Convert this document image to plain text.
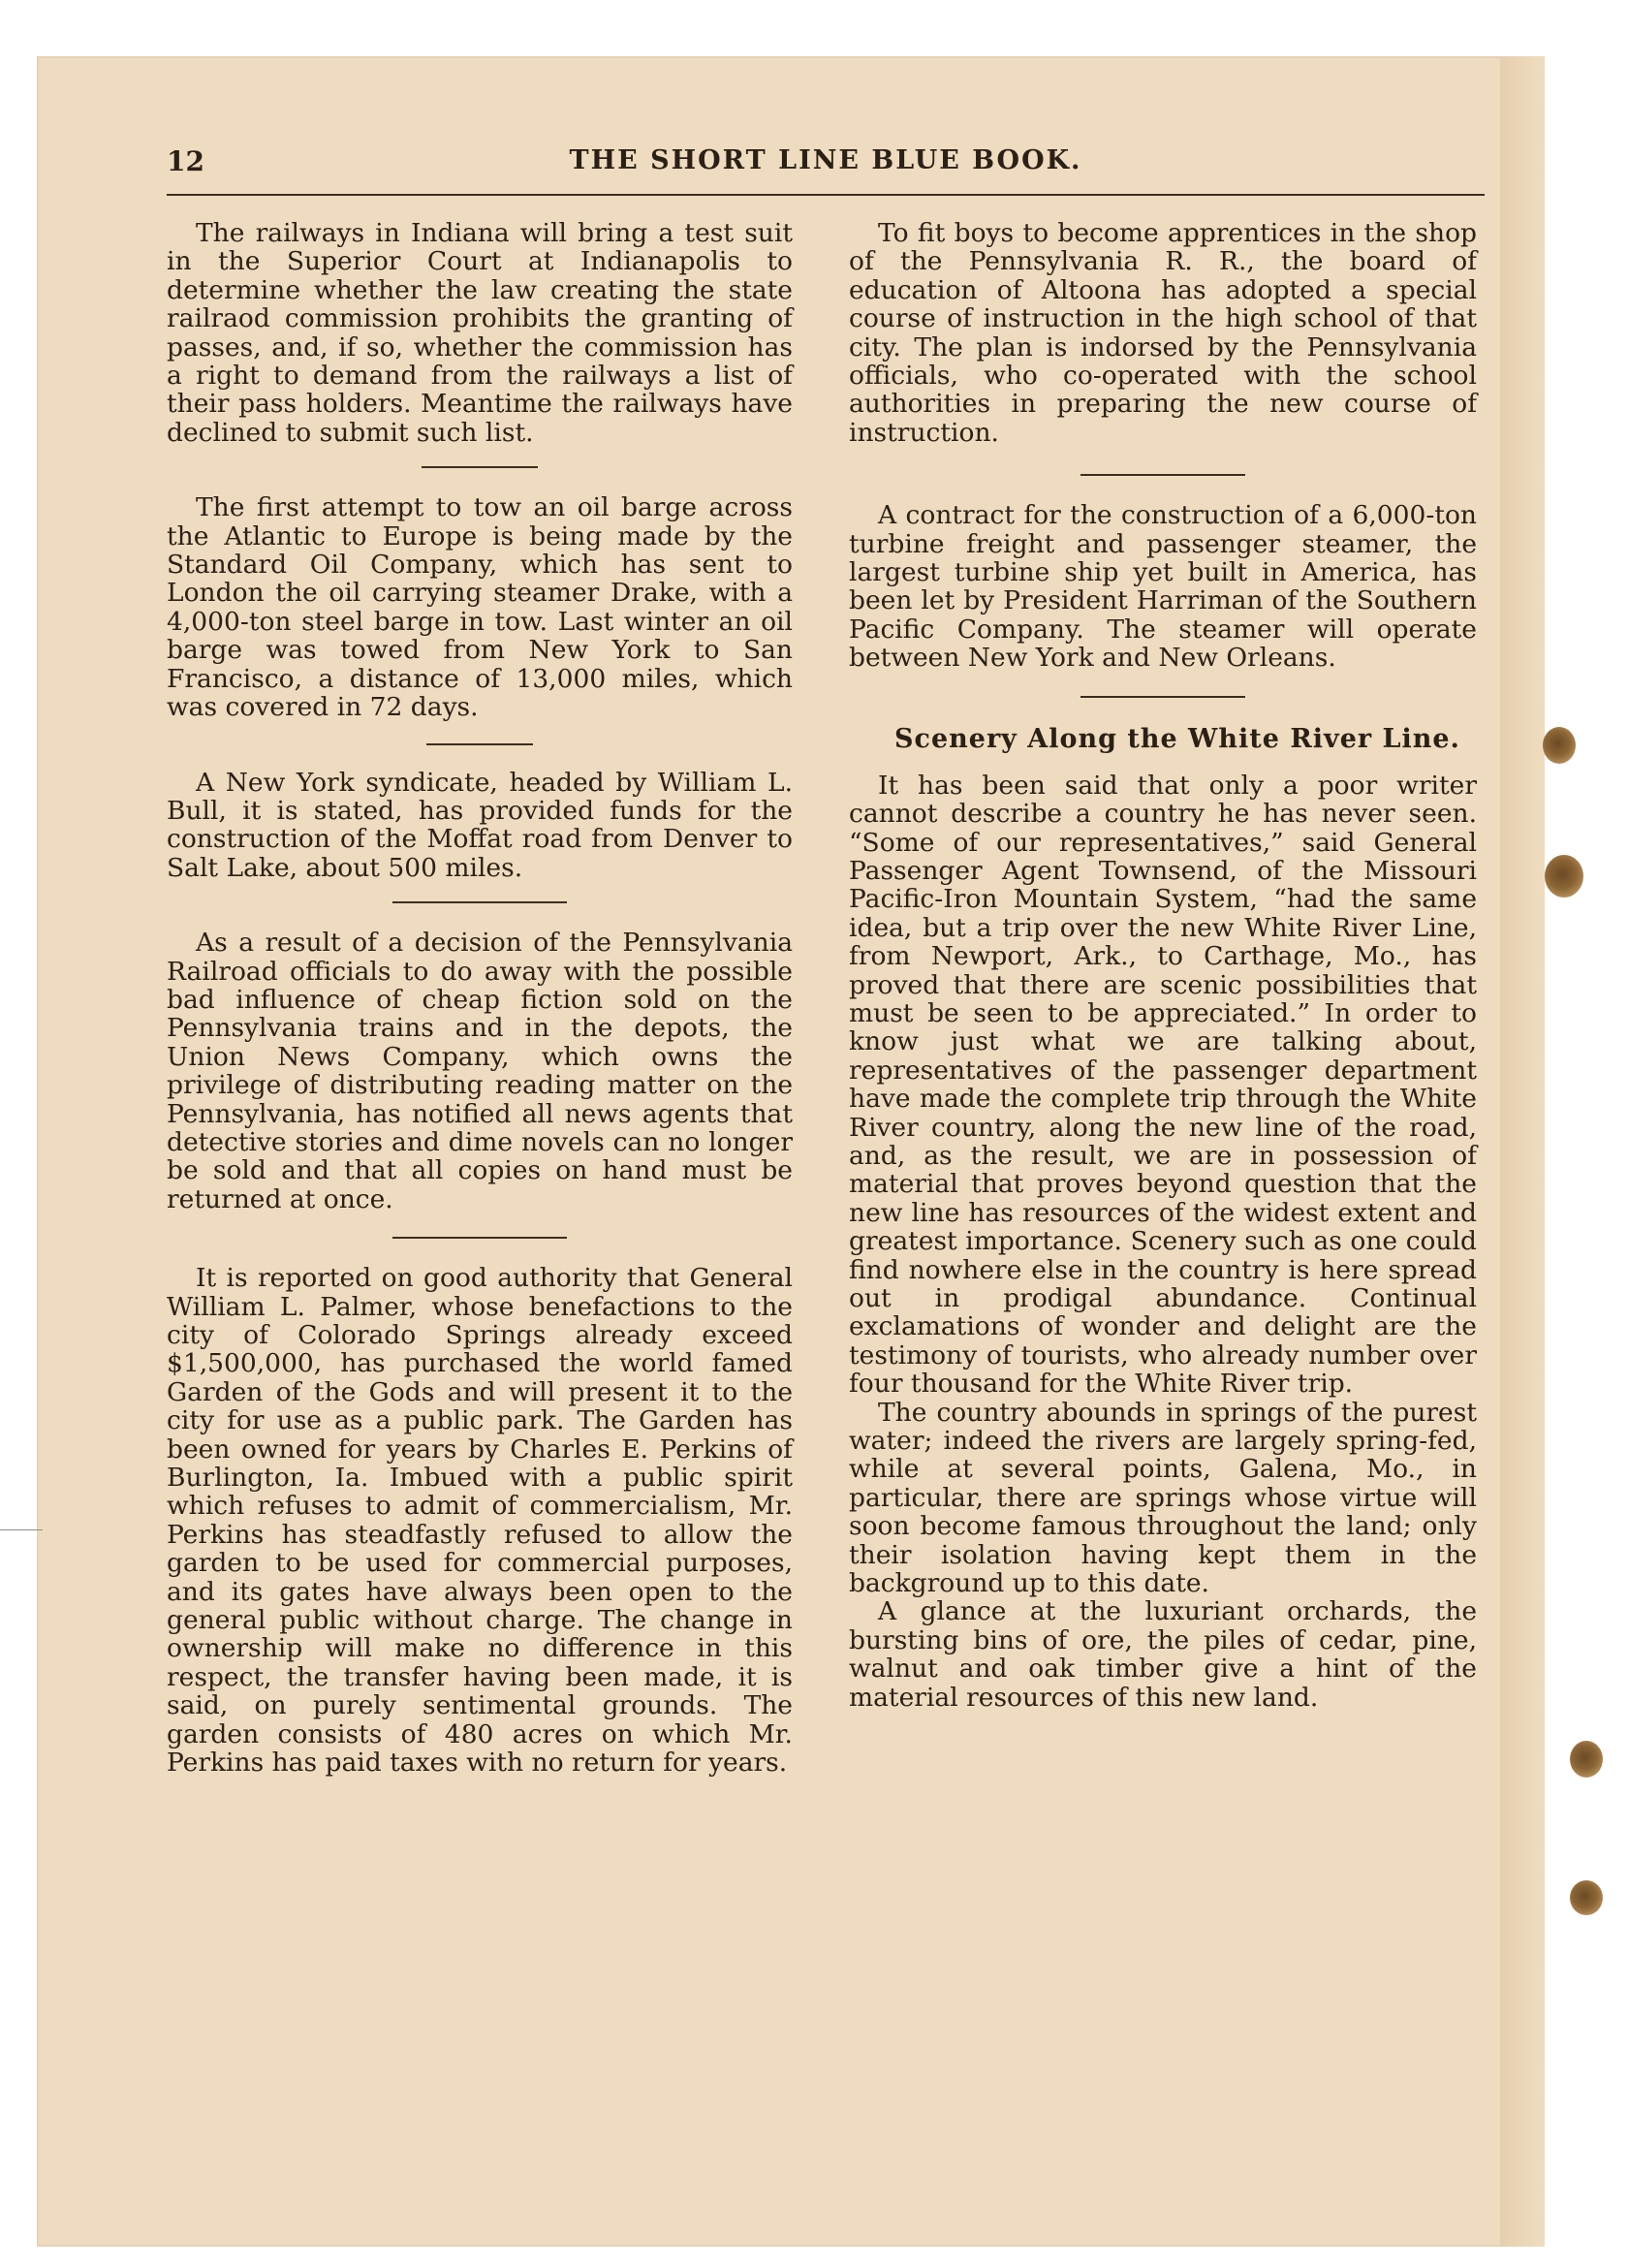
12	THE SHORT LINE BLUE BOOK.

The railways in Indiana will bring a test suit in the Superior Court at Indianapolis to determine whether the law creating the state railraod commission prohibits the granting of passes, and, if so, whether the commission has a right to demand from the railways a list of their pass holders. Meantime the railways have declined to submit such list.

The first attempt to tow an oil barge across the Atlantic to Europe is being made by the Standard Oil Company, which has sent to London the oil carrying steamer Drake, with a 4,000-ton steel barge in tow. Last winter an oil barge was towed from New York to San Francisco, a distance of 13,000 miles, which was covered in 72 days.

A New York syndicate, headed by William L. Bull, it is stated, has provided funds for the construction of the Moffat road from Denver to Salt Lake, about 500 miles.

As a result of a decision of the Pennsylvania Railroad officials to do away with the possible bad influence of cheap fiction sold on the Pennsylvania trains and in the depots, the Union News Company, which owns the privilege of distributing reading matter on the Pennsylvania, has notified all news agents that detective stories and dime novels can no longer be sold and that all copies on hand must be returned at once.

It is reported on good authority that General William L. Palmer, whose benefactions to the city of Colorado Springs already exceed $1,500,000, has purchased the world famed Garden of the Gods and will present it to the city for use as a public park. The Garden has been owned for years by Charles E. Perkins of Burlington, Ia. Imbued with a public spirit which refuses to admit of commercialism, Mr. Perkins has steadfastly refused to allow the garden to be used for commercial purposes, and its gates have always been open to the general public without charge. The change in ownership will make no difference in this respect, the transfer having been made, it is said, on purely sentimental grounds. The garden consists of 480 acres on which Mr. Perkins has paid taxes with no return for years.

To fit boys to become apprentices in the shop of the Pennsylvania R. R., the board of education of Altoona has adopted a special course of instruction in the high school of that city. The plan is indorsed by the Pennsylvania officials, who co-operated with the school authorities in preparing the new course of instruction.

A contract for the construction of a 6,000-ton turbine freight and passenger steamer, the largest turbine ship yet built in America, has been let by President Harriman of the Southern Pacific Company. The steamer will operate between New York and New Orleans.

Scenery Along the White River Line.

It has been said that only a poor writer cannot describe a country he has never seen. “Some of our representatives,” said General Passenger Agent Townsend, of the Missouri Pacific-Iron Mountain System, “had the same idea, but a trip over the new White River Line, from Newport, Ark., to Carthage, Mo., has proved that there are scenic possibilities that must be seen to be appreciated.” In order to know just what we are talking about, representatives of the passenger department have made the complete trip through the White River country, along the new line of the road, and, as the result, we are in possession of material that proves beyond question that the new line has resources of the widest extent and greatest importance. Scenery such as one could find nowhere else in the country is here spread out in prodigal abundance. Continual exclamations of wonder and delight are the testimony of tourists, who already number over four thousand for the White River trip.

The country abounds in springs of the purest water; indeed the rivers are largely spring-fed, while at several points, Galena, Mo., in particular, there are springs whose virtue will soon become famous throughout the land; only their isolation having kept them in the background up to this date.

A glance at the luxuriant orchards, the bursting bins of ore, the piles of cedar, pine, walnut and oak timber give a hint of the material resources of this new land.
